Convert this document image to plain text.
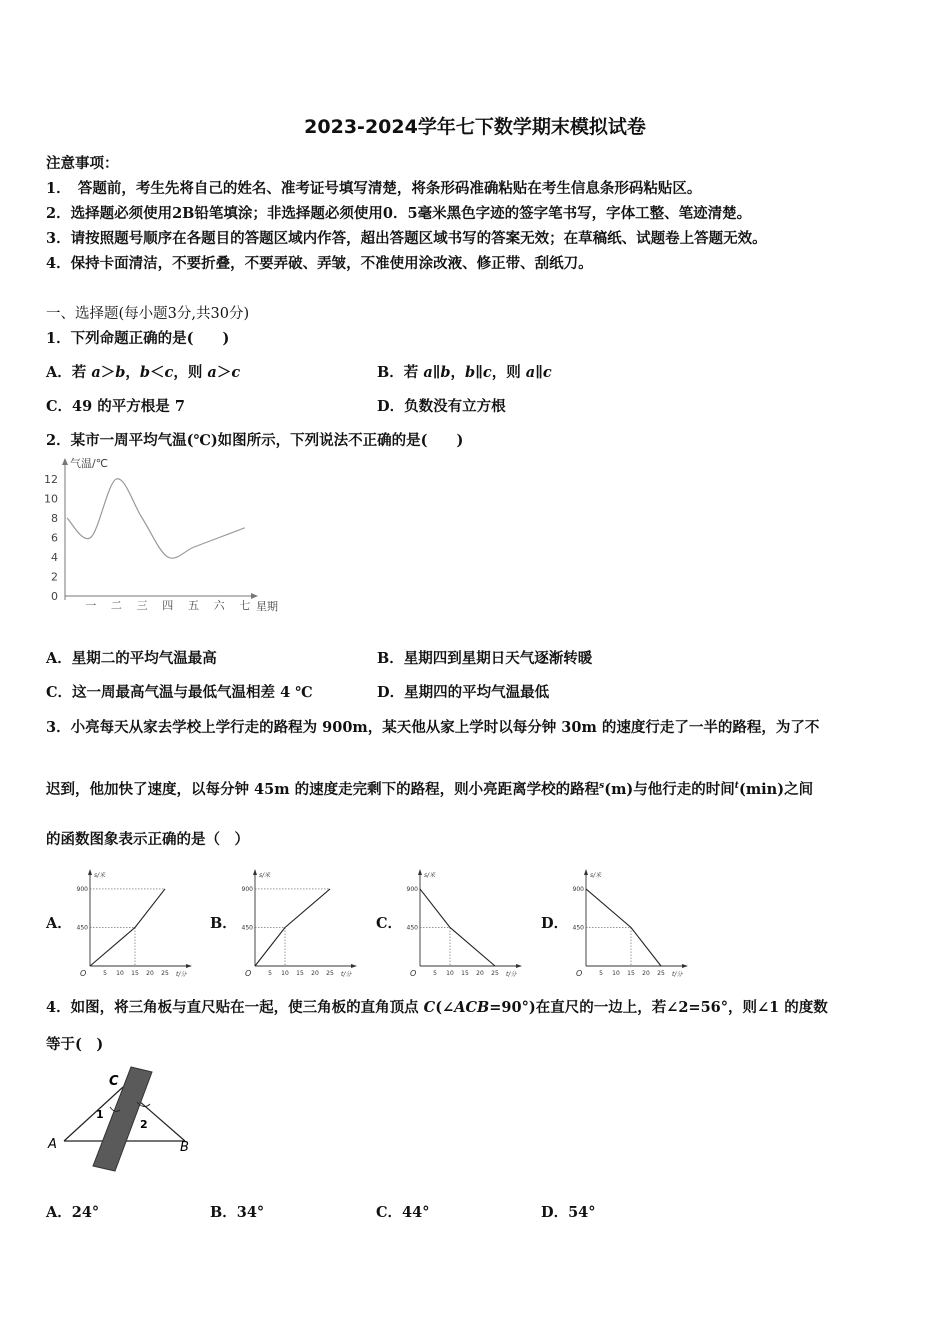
2023-2024学年七下数学期末模拟试卷
注意事项：
1．　答题前，考生先将自己的姓名、准考证号填写清楚，将条形码准确粘贴在考生信息条形码粘贴区。
2．选择题必须使用2B铅笔填涂；非选择题必须使用0．5毫米黑色字迹的签字笔书写，字体工整、笔迹清楚。
3．请按照题号顺序在各题目的答题区域内作答，超出答题区域书写的答案无效；在草稿纸、试题卷上答题无效。
4．保持卡面清洁，不要折叠，不要弄破、弄皱，不准使用涂改液、修正带、刮纸刀。
一、选择题(每小题3分,共30分)
1．下列命题正确的是(　　)
A．若 a＞b，b＜c，则 a＞c	B．若 a∥b，b∥c，则 a∥c
C．49 的平方根是 7	D．负数没有立方根
2．某市一周平均气温(℃)如图所示，下列说法不正确的是(　　)
气温/℃
星期
0
2
4
6
8
10
12
一 二 三 四 五 六 七
A．星期二的平均气温最高	B．星期四到星期日天气逐渐转暖
C．这一周最高气温与最低气温相差 4 ℃	D．星期四的平均气温最低
3．小亮每天从家去学校上学行走的路程为 900m，某天他从家上学时以每分钟 30m 的速度行走了一半的路程，为了不
迟到，他加快了速度，以每分钟 45m 的速度走完剩下的路程，则小亮距离学校的路程$^s$(m)与他行走的时间$^t$(min)之间
的函数图象表示正确的是（　）
A．
s/米
t/分
O	5 10 15 20 25
900
450	B．
s/米
t/分
O	5 10 15 20 25
900
450	C．
s/米
t/分
O	5 10 15 20 25
900
450	D．
s/米
t/分
O	5 10 15 20 25
900
450
4．如图，将三角板与直尺贴在一起，使三角板的直角顶点 C(∠ACB=90°)在直尺的一边上，若∠2=56°，则∠1 的度数
等于(　)
C
A	B
1
2
A．24°	B．34°	C．44°	D．54°
